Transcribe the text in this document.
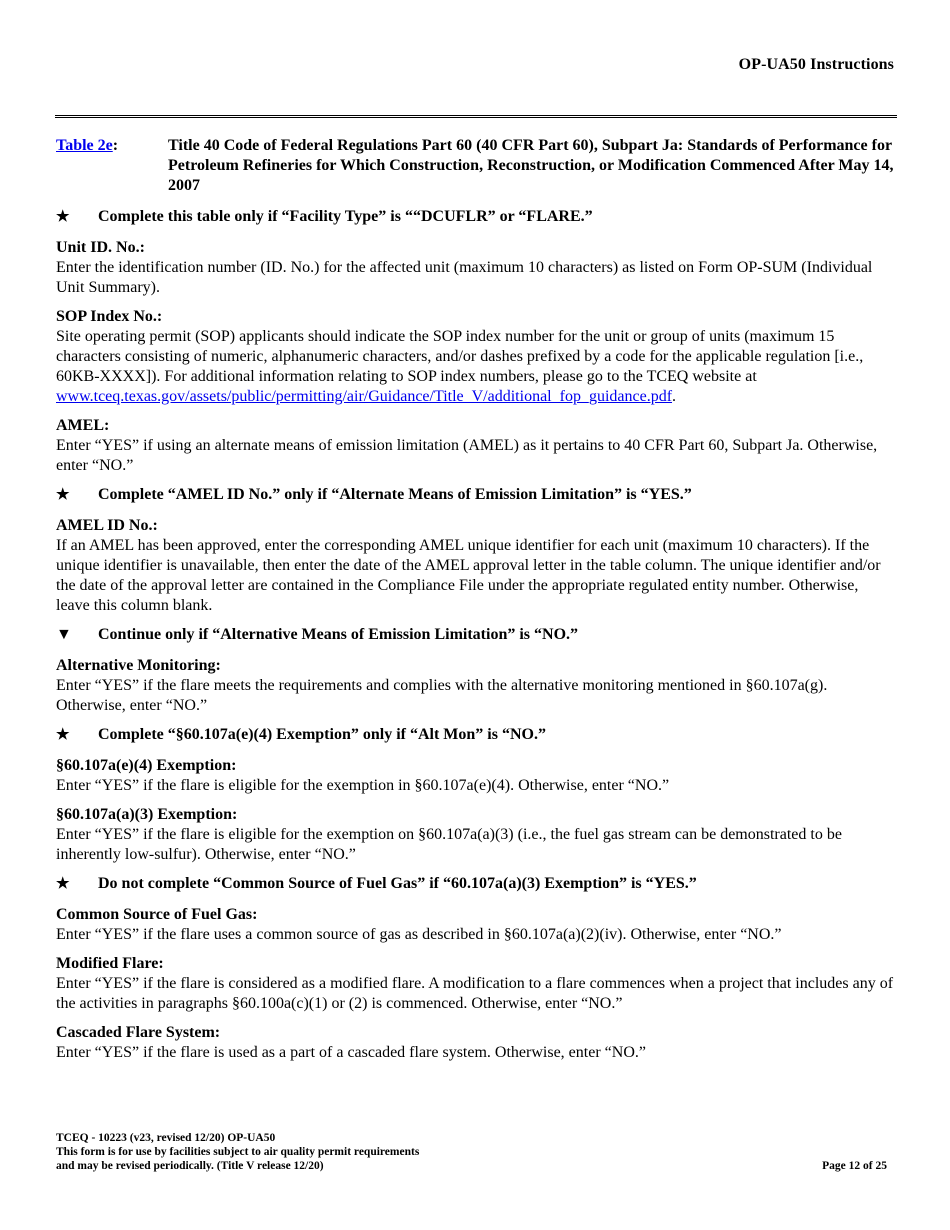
OP-UA50 Instructions
Table 2e:	Title 40 Code of Federal Regulations Part 60 (40 CFR Part 60), Subpart Ja: Standards of Performance for Petroleum Refineries for Which Construction, Reconstruction, or Modification Commenced After May 14, 2007
★	Complete this table only if “Facility Type” is ““DCUFLR” or “FLARE.”
Unit ID. No.:
Enter the identification number (ID. No.) for the affected unit (maximum 10 characters) as listed on Form OP-SUM (Individual Unit Summary).
SOP Index No.:
Site operating permit (SOP) applicants should indicate the SOP index number for the unit or group of units (maximum 15 characters consisting of numeric, alphanumeric characters, and/or dashes prefixed by a code for the applicable regulation [i.e., 60KB-XXXX]). For additional information relating to SOP index numbers, please go to the TCEQ website at www.tceq.texas.gov/assets/public/permitting/air/Guidance/Title_V/additional_fop_guidance.pdf.
AMEL:
Enter “YES” if using an alternate means of emission limitation (AMEL) as it pertains to 40 CFR Part 60, Subpart Ja. Otherwise, enter “NO.”
★	Complete “AMEL ID No.” only if “Alternate Means of Emission Limitation” is “YES.”
AMEL ID No.:
If an AMEL has been approved, enter the corresponding AMEL unique identifier for each unit (maximum 10 characters). If the unique identifier is unavailable, then enter the date of the AMEL approval letter in the table column. The unique identifier and/or the date of the approval letter are contained in the Compliance File under the appropriate regulated entity number. Otherwise, leave this column blank.
▼	Continue only if “Alternative Means of Emission Limitation” is “NO.”
Alternative Monitoring:
Enter “YES” if the flare meets the requirements and complies with the alternative monitoring mentioned in §60.107a(g). Otherwise, enter “NO.”
★	Complete “§60.107a(e)(4) Exemption” only if “Alt Mon” is “NO.”
§60.107a(e)(4) Exemption:
Enter “YES” if the flare is eligible for the exemption in §60.107a(e)(4). Otherwise, enter “NO.”
§60.107a(a)(3) Exemption:
Enter “YES” if the flare is eligible for the exemption on §60.107a(a)(3) (i.e., the fuel gas stream can be demonstrated to be inherently low-sulfur). Otherwise, enter “NO.”
★	Do not complete “Common Source of Fuel Gas” if “60.107a(a)(3) Exemption” is “YES.”
Common Source of Fuel Gas:
Enter “YES” if the flare uses a common source of gas as described in §60.107a(a)(2)(iv). Otherwise, enter “NO.”
Modified Flare:
Enter “YES” if the flare is considered as a modified flare. A modification to a flare commences when a project that includes any of the activities in paragraphs §60.100a(c)(1) or (2) is commenced. Otherwise, enter “NO.”
Cascaded Flare System:
Enter “YES” if the flare is used as a part of a cascaded flare system. Otherwise, enter “NO.”
TCEQ - 10223 (v23, revised 12/20) OP-UA50
This form is for use by facilities subject to air quality permit requirements
and may be revised periodically. (Title V release 12/20)	Page 12 of 25
